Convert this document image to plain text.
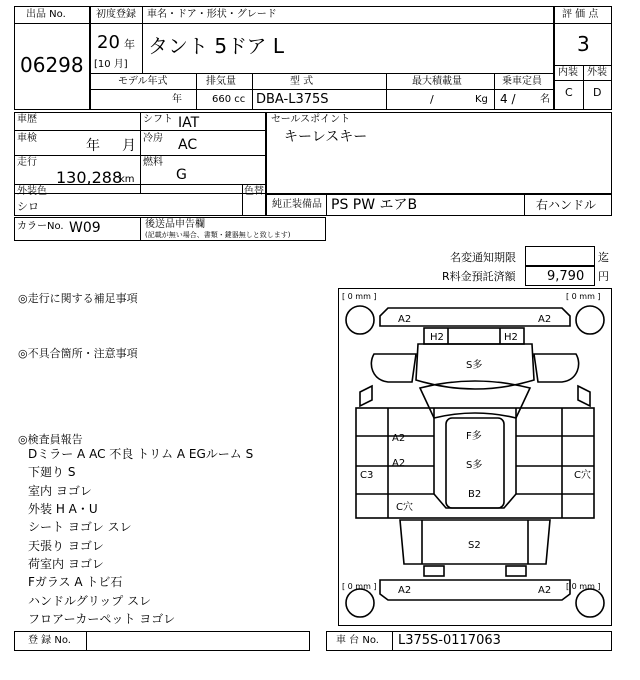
出品 No.
06298
初度登録 車名・ドア・形状・グレード
20 年
[10 月]
タント 5ドア L
モデル年式	排気量	型 式	最大積載量	乗車定員
年	660 cc DBA-L375S	/	Kg 4 / 名
評 価 点
3
内装 外装
C D
車歴
車検	年 月
走行
130,288
km
シフト IAT
冷房 AC
燃料
G
セールスポイント
キーレスキー
外装色
シロ
色替
純正装備品 PS PW エアB	右ハンドル
カラーNo. W09	後送品申告欄
(記載が無い場合、書類・鍵器無しと致します)
名変通知期限	迄
R料金預託済額 9,790 円
◎走行に関する補足事項
◎不具合箇所・注意事項
◎検査員報告
Dミラー A AC 不良 トリム A EGルーム S
下廻り S
室内 ヨゴレ
外装 H A・U
シート ヨゴレ スレ
天張り ヨゴレ
荷室内 ヨゴレ
Fガラス A トビ石
ハンドルグリップ スレ
フロアーカーペット ヨゴレ
[ 0 mm ]	[ 0 mm ]
[ 0 mm ]	[ 0 mm ]
A2	A2
H2	H2
S多
A2
A2
F多
S多
B2
C3	C穴
C穴
S2
A2	A2
登 録 No.	車 台 No. L375S-0117063
